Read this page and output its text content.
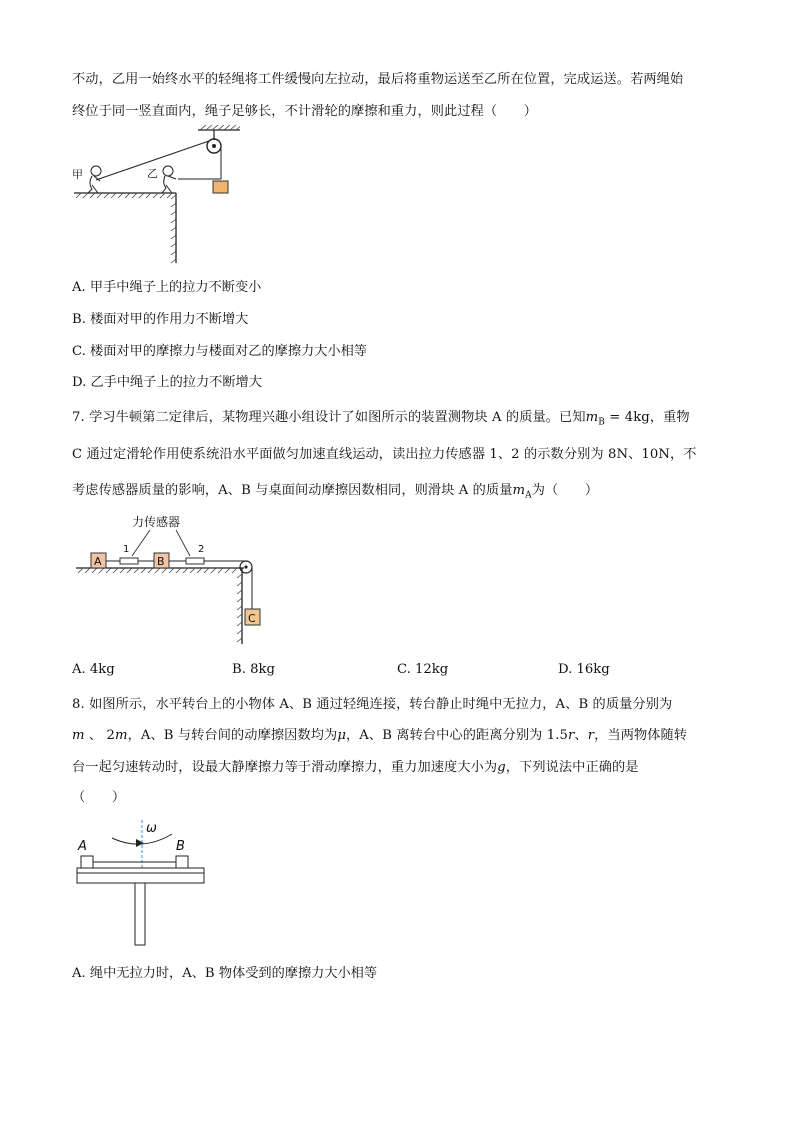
不动，乙用一始终水平的轻绳将工件缓慢向左拉动，最后将重物运送至乙所在位置，完成运送。若两绳始
终位于同一竖直面内，绳子足够长，不计滑轮的摩擦和重力，则此过程（　　）
甲	乙
A. 甲手中绳子上的拉力不断变小
B. 楼面对甲的作用力不断增大
C. 楼面对甲的摩擦力与楼面对乙的摩擦力大小相等
D. 乙手中绳子上的拉力不断增大
7. 学习牛顿第二定律后，某物理兴趣小组设计了如图所示的装置测物块 A 的质量。已知$m_B = 4kg$，重物
C 通过定滑轮作用使系统沿水平面做匀加速直线运动，读出拉力传感器 1、2 的示数分别为 8N、10N，不
考虑传感器质量的影响，A、B 与桌面间动摩擦因数相同，则滑块 A 的质量$m_A$为（　　）
力传感器
1	2
A	B
C
A. 4kg	B. 8kg	C. 12kg	D. 16kg
8. 如图所示，水平转台上的小物体 A、B 通过轻绳连接，转台静止时绳中无拉力，A、B 的质量分别为
m 、 2m，A、B 与转台间的动摩擦因数均为μ，A、B 离转台中心的距离分别为 1.5r、r，当两物体随转
台一起匀速转动时，设最大静摩擦力等于滑动摩擦力，重力加速度大小为g，下列说法中正确的是
（　　）
ω
A	B
A. 绳中无拉力时，A、B 物体受到的摩擦力大小相等
